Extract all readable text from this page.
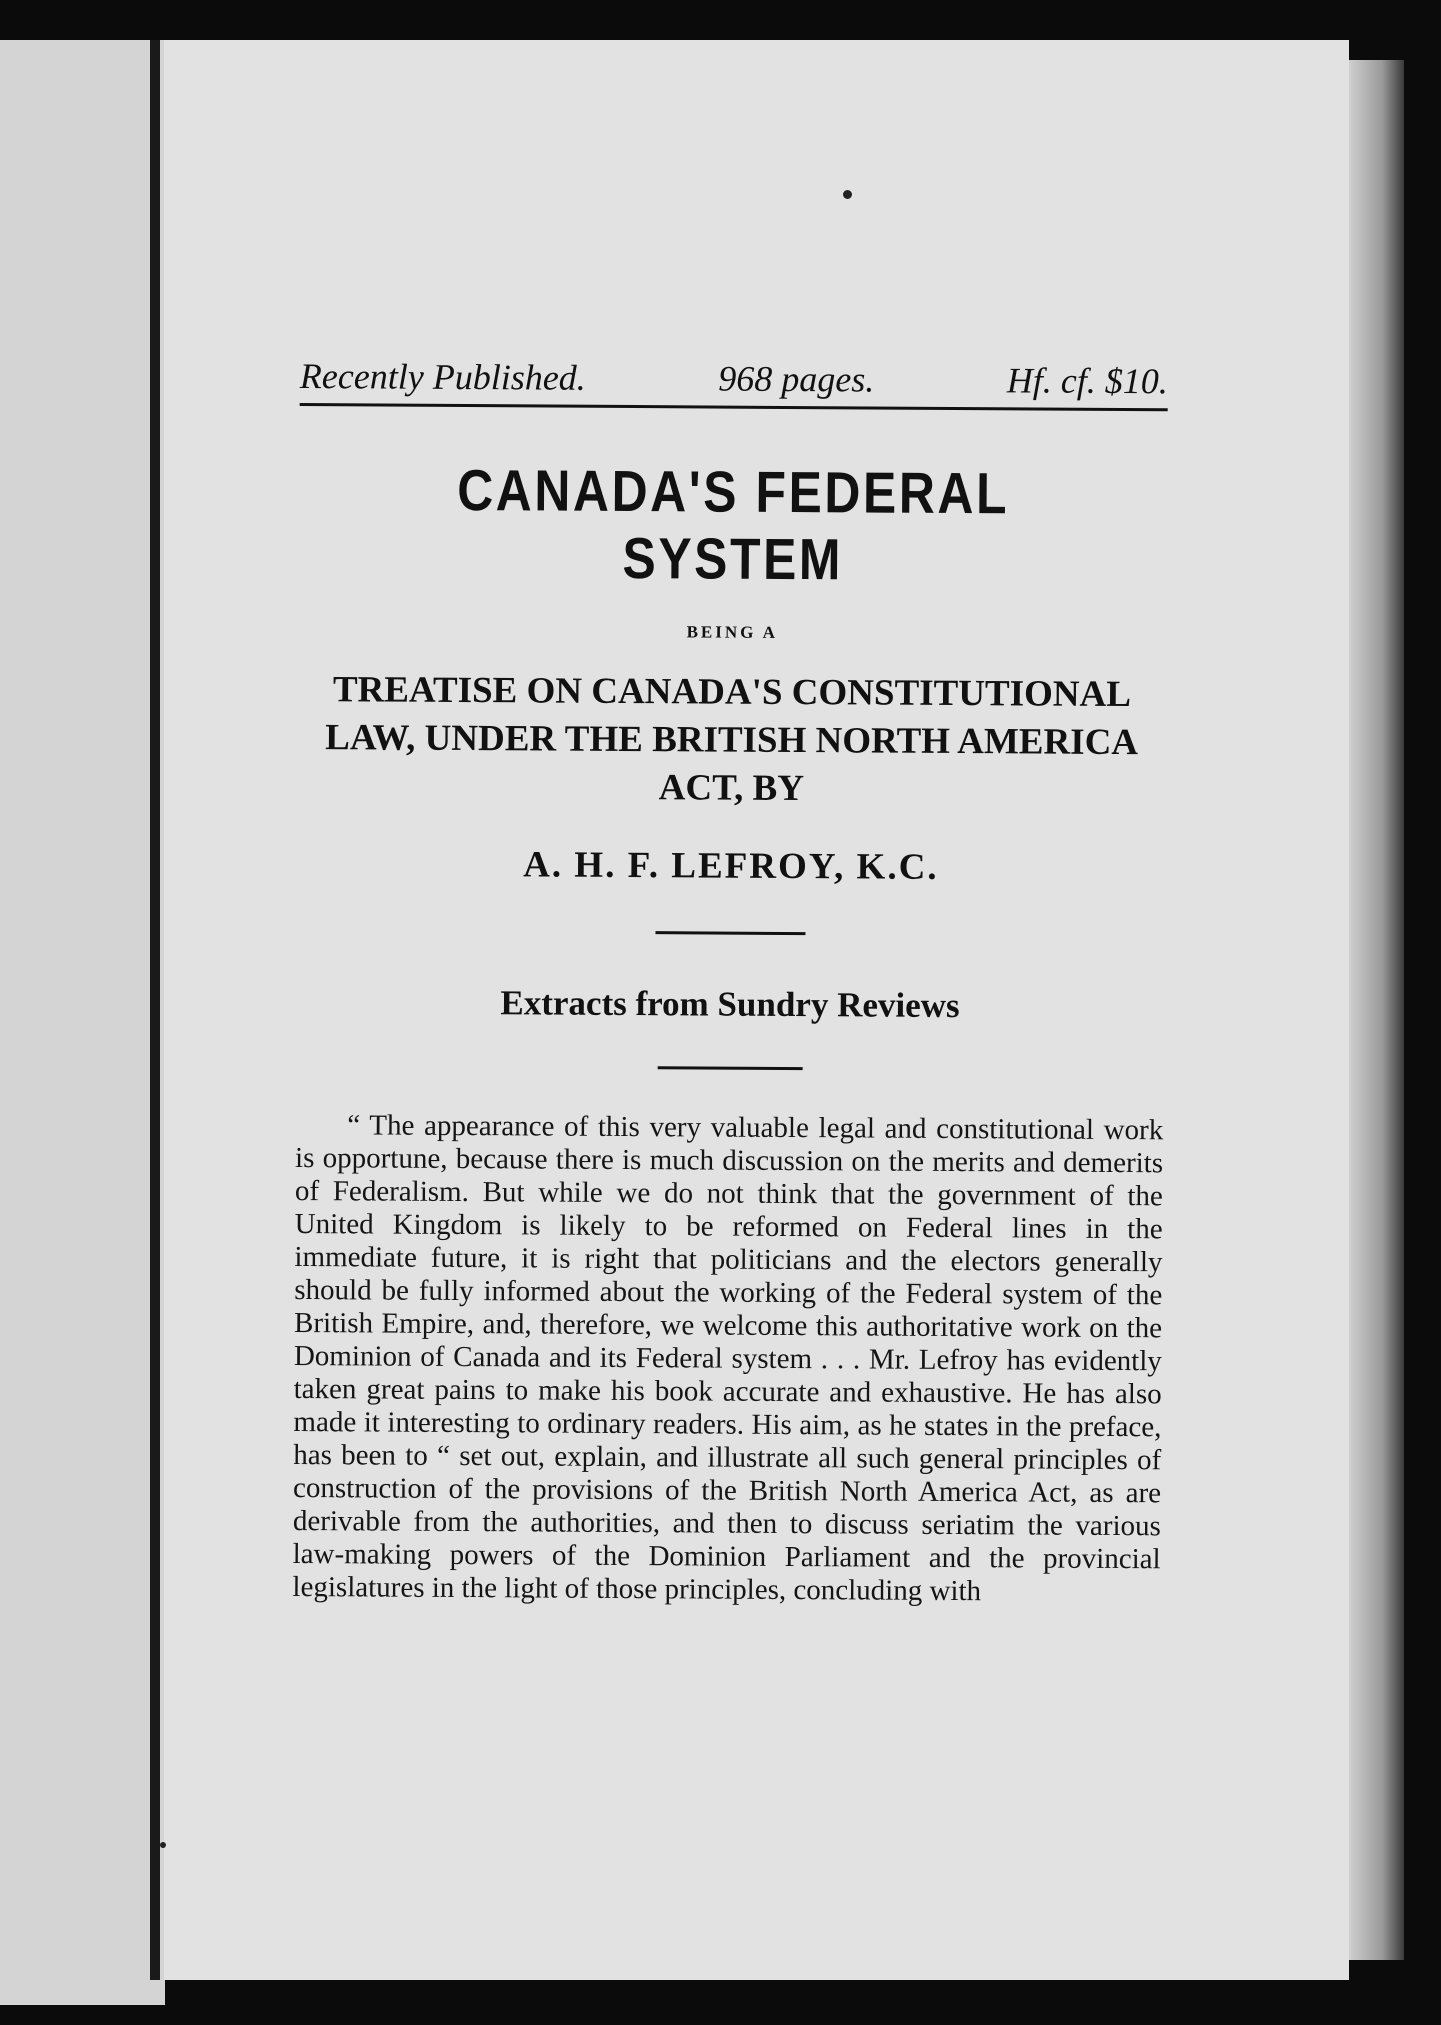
Recently Published.	968 pages.	Hf. cf. $10.
CANADA'S FEDERAL SYSTEM
BEING A
TREATISE ON CANADA'S CONSTITUTIONAL LAW, UNDER THE BRITISH NORTH AMERICA ACT, BY
A. H. F. LEFROY, K.C.
Extracts from Sundry Reviews

“ The appearance of this very valuable legal and constitutional work is opportune, because there is much discussion on the merits and demerits of Federalism. But while we do not think that the government of the United Kingdom is likely to be reformed on Federal lines in the immediate future, it is right that politicians and the electors generally should be fully informed about the working of the Federal system of the British Empire, and, therefore, we welcome this authoritative work on the Dominion of Canada and its Federal system . . . Mr. Lefroy has evidently taken great pains to make his book accurate and exhaustive. He has also made it interesting to ordinary readers. His aim, as he states in the preface, has been to “ set out, explain, and illustrate all such general principles of construction of the provisions of the British North America Act, as are derivable from the authorities, and then to discuss seriatim the various law-making powers of the Dominion Parliament and the provincial legislatures in the light of those principles, concluding with
